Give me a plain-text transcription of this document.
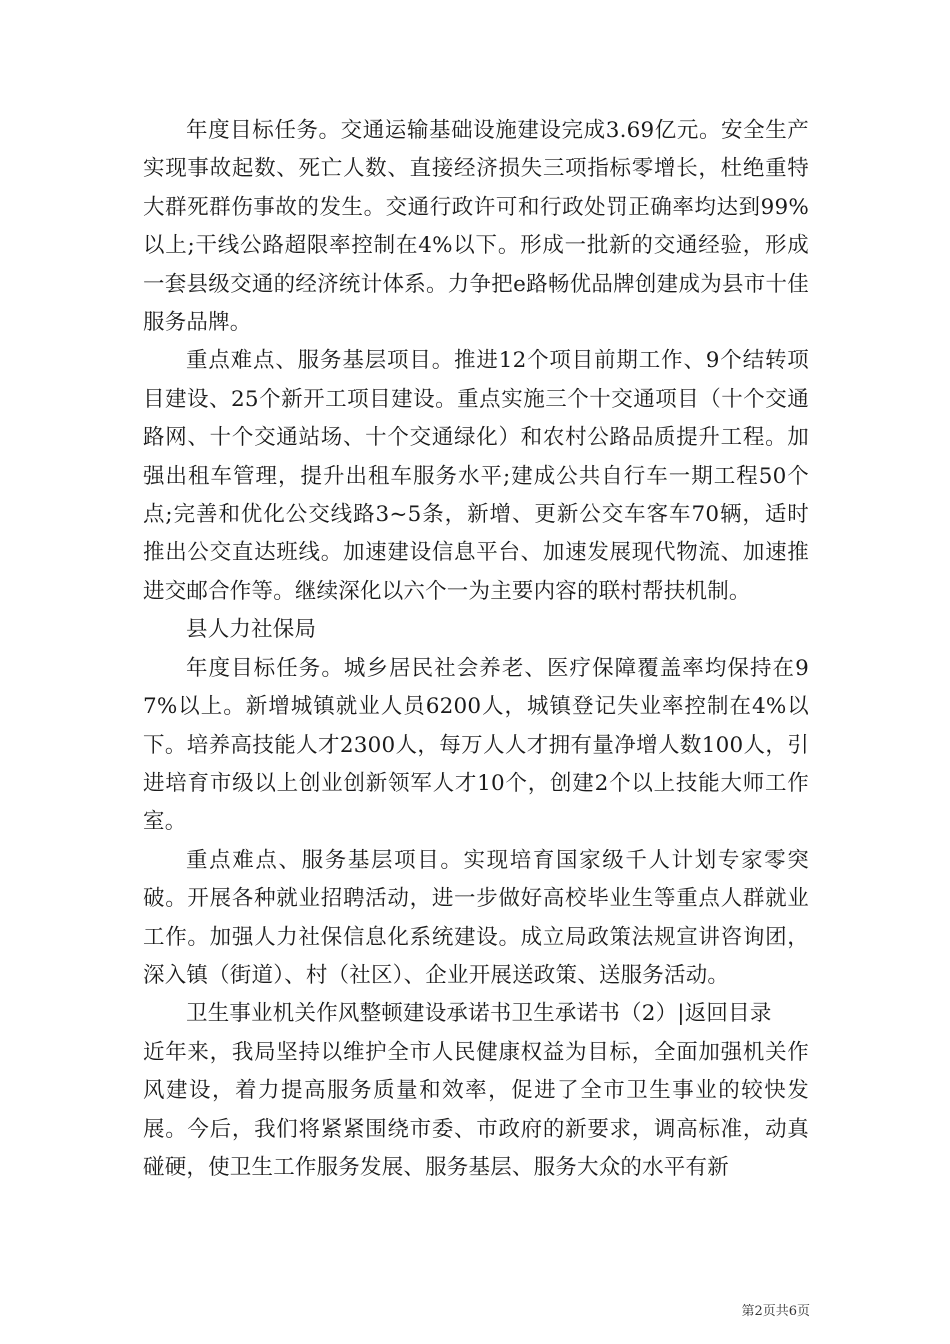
年度目标任务。交通运输基础设施建设完成3.69亿元。安全生产实现事故起数、死亡人数、直接经济损失三项指标零增长，杜绝重特大群死群伤事故的发生。交通行政许可和行政处罚正确率均达到99%以上;干线公路超限率控制在4%以下。形成一批新的交通经验，形成一套县级交通的经济统计体系。力争把e路畅优品牌创建成为县市十佳服务品牌。

重点难点、服务基层项目。推进12个项目前期工作、9个结转项目建设、25个新开工项目建设。重点实施三个十交通项目（十个交通路网、十个交通站场、十个交通绿化）和农村公路品质提升工程。加强出租车管理，提升出租车服务水平;建成公共自行车一期工程50个点;完善和优化公交线路3~5条，新增、更新公交车客车70辆，适时推出公交直达班线。加速建设信息平台、加速发展现代物流、加速推进交邮合作等。继续深化以六个一为主要内容的联村帮扶机制。

县人力社保局

年度目标任务。城乡居民社会养老、医疗保障覆盖率均保持在97%以上。新增城镇就业人员6200人，城镇登记失业率控制在4%以下。培养高技能人才2300人，每万人人才拥有量净增人数100人，引进培育市级以上创业创新领军人才10个，创建2个以上技能大师工作室。

重点难点、服务基层项目。实现培育国家级千人计划专家零突破。开展各种就业招聘活动，进一步做好高校毕业生等重点人群就业工作。加强人力社保信息化系统建设。成立局政策法规宣讲咨询团，深入镇（街道）、村（社区）、企业开展送政策、送服务活动。

卫生事业机关作风整顿建设承诺书卫生承诺书（2）|返回目录

近年来，我局坚持以维护全市人民健康权益为目标，全面加强机关作风建设，着力提高服务质量和效率，促进了全市卫生事业的较快发展。今后，我们将紧紧围绕市委、市政府的新要求，调高标准，动真碰硬，使卫生工作服务发展、服务基层、服务大众的水平有新

第2页共6页
